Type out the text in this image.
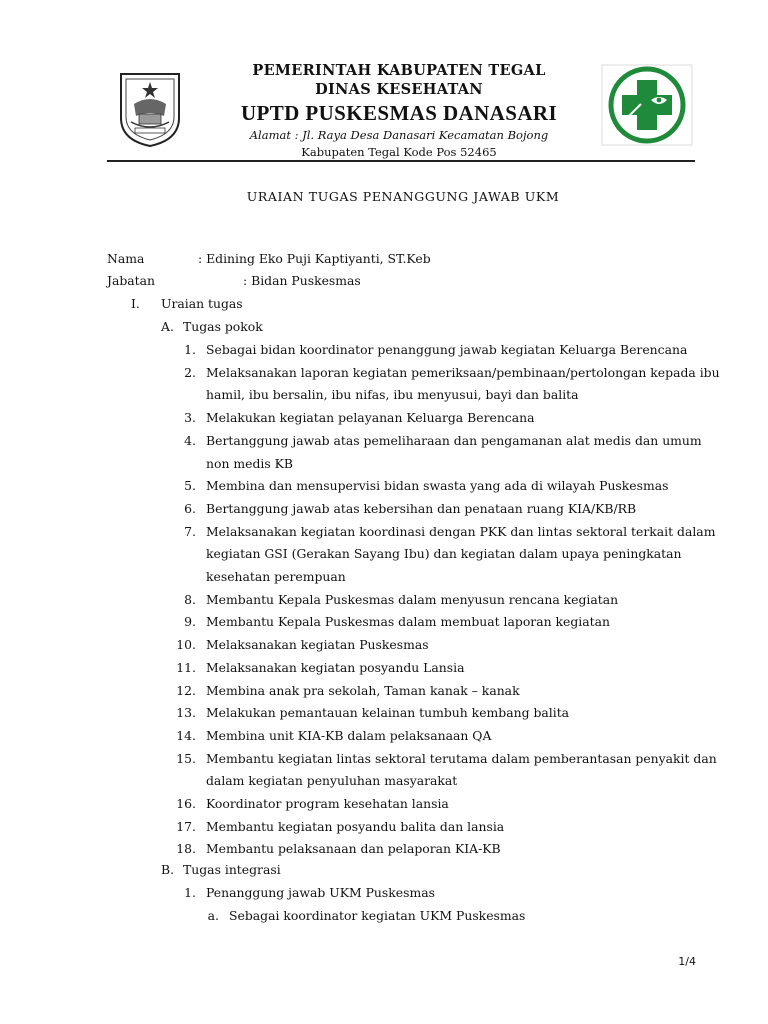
PEMERINTAH KABUPATEN TEGAL
DINAS KESEHATAN
UPTD PUSKESMAS DANASARI
Alamat : Jl. Raya Desa Danasari Kecamatan Bojong
Kabupaten Tegal Kode Pos 52465
URAIAN TUGAS PENANGGUNG JAWAB UKM
Nama	: Edining Eko Puji Kaptiyanti, ST.Keb
Jabatan	: Bidan Puskesmas
I. Uraian tugas
A. Tugas pokok
1. Sebagai bidan koordinator penanggung jawab kegiatan Keluarga Berencana
2. Melaksanakan laporan kegiatan pemeriksaan/pembinaan/pertolongan kepada ibu
hamil, ibu bersalin, ibu nifas, ibu menyusui, bayi dan balita
3. Melakukan kegiatan pelayanan Keluarga Berencana
4. Bertanggung jawab atas pemeliharaan dan pengamanan alat medis dan umum
non medis KB
5. Membina dan mensupervisi bidan swasta yang ada di wilayah Puskesmas
6. Bertanggung jawab atas kebersihan dan penataan ruang KIA/KB/RB
7. Melaksanakan kegiatan koordinasi dengan PKK dan lintas sektoral terkait dalam
kegiatan GSI (Gerakan Sayang Ibu) dan kegiatan dalam upaya peningkatan
kesehatan perempuan
8. Membantu Kepala Puskesmas dalam menyusun rencana kegiatan
9. Membantu Kepala Puskesmas dalam membuat laporan kegiatan
10. Melaksanakan kegiatan Puskesmas
11. Melaksanakan kegiatan posyandu Lansia
12. Membina anak pra sekolah, Taman kanak – kanak
13. Melakukan pemantauan kelainan tumbuh kembang balita
14. Membina unit KIA-KB dalam pelaksanaan QA
15. Membantu kegiatan lintas sektoral terutama dalam pemberantasan penyakit dan
dalam kegiatan penyuluhan masyarakat
16. Koordinator program kesehatan lansia
17. Membantu kegiatan posyandu balita dan lansia
18. Membantu pelaksanaan dan pelaporan KIA-KB
B. Tugas integrasi
1. Penanggung jawab UKM Puskesmas
a. Sebagai koordinator kegiatan UKM Puskesmas
1/4
